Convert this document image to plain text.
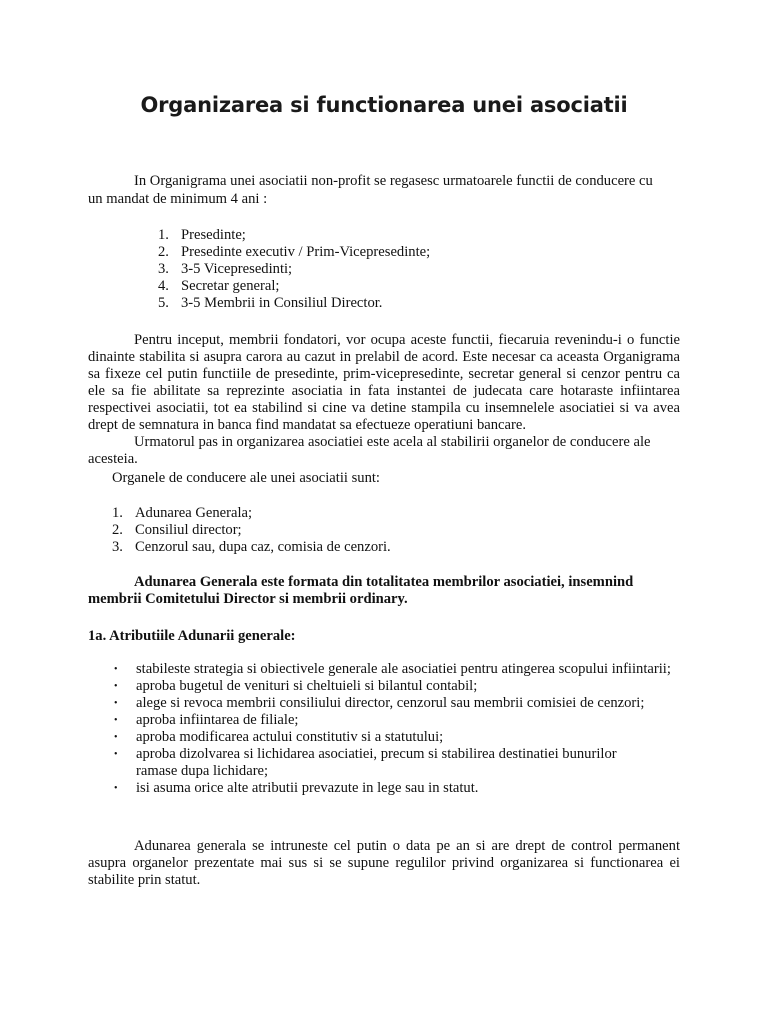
Organizarea si functionarea unei asociatii
In Organigrama unei asociatii non-profit se regasesc urmatoarele functii de conducere cu
un mandat de minimum 4 ani :
1. Presedinte;
2. Presedinte executiv / Prim-Vicepresedinte;
3. 3-5 Vicepresedinti;
4. Secretar general;
5. 3-5 Membrii in Consiliul Director.

Pentru inceput, membrii fondatori, vor ocupa aceste functii, fiecaruia revenindu-i o functie dinainte stabilita si asupra carora au cazut in prelabil de acord. Este necesar ca aceasta Organigrama sa fixeze cel putin functiile de presedinte, prim-vicepresedinte, secretar general si cenzor pentru ca ele sa fie abilitate sa reprezinte asociatia in fata instantei de judecata care hotaraste infiintarea respectivei asociatii, tot ea stabilind si cine va detine stampila cu insemnelele asociatiei si va avea drept de semnatura in banca find mandatat sa efectueze operatiuni bancare.

Urmatorul pas in organizarea asociatiei este acela al stabilirii organelor de conducere ale acesteia.

Organele de conducere ale unei asociatii sunt:
1. Adunarea Generala;
2. Consiliul director;
3. Cenzorul sau, dupa caz, comisia de cenzori.

Adunarea Generala este formata din totalitatea membrilor asociatiei, insemnind membrii Comitetului Director si membrii ordinary.

1a. Atributiile Adunarii generale:
• stabileste strategia si obiectivele generale ale asociatiei pentru atingerea scopului infiintarii;
• aproba bugetul de venituri si cheltuieli si bilantul contabil;
• alege si revoca membrii consiliului director, cenzorul sau membrii comisiei de cenzori;
• aproba infiintarea de filiale;
• aproba modificarea actului constitutiv si a statutului;
• aproba dizolvarea si lichidarea asociatiei, precum si stabilirea destinatiei bunurilor ramase dupa lichidare;
• isi asuma orice alte atributii prevazute in lege sau in statut.

Adunarea generala se intruneste cel putin o data pe an si are drept de control permanent asupra organelor prezentate mai sus si se supune regulilor privind organizarea si functionarea ei stabilite prin statut.
